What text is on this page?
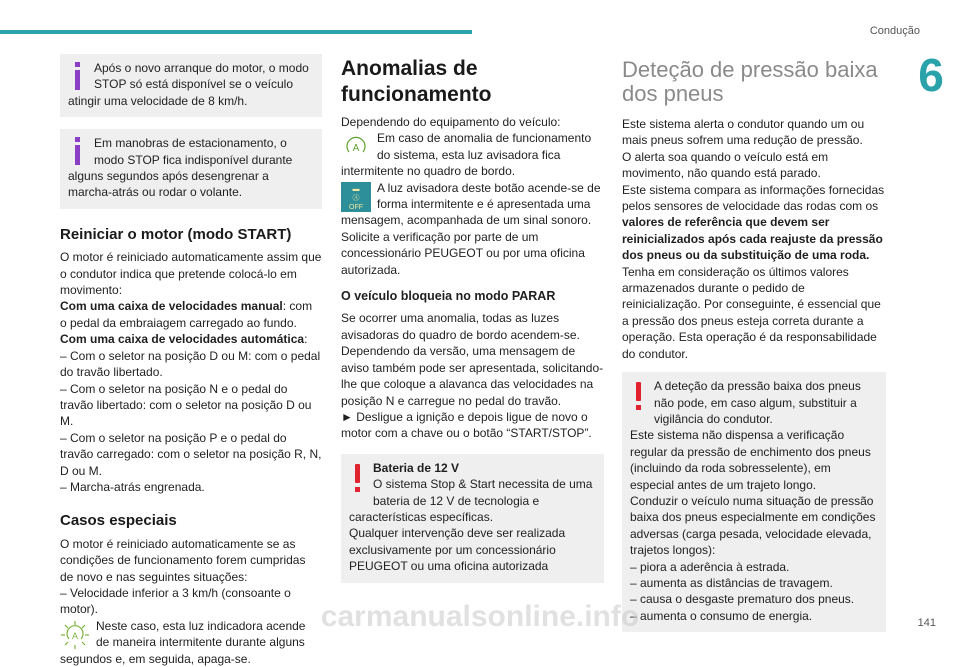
Condução
6
Após o novo arranque do motor, o modo STOP só está disponível se o veículo atingir uma velocidade de 8 km/h.
Em manobras de estacionamento, o modo STOP fica indisponível durante alguns segundos após desengrenar a marcha-atrás ou rodar o volante.
Reiniciar o motor (modo START)

O motor é reiniciado automaticamente assim que o condutor indica que pretende colocá-lo em movimento:

Com uma caixa de velocidades manual: com o pedal da embraiagem carregado ao fundo.

Com uma caixa de velocidades automática:

– Com o seletor na posição D ou M: com o pedal do travão libertado.

– Com o seletor na posição N e o pedal do travão libertado: com o seletor na posição D ou M.

– Com o seletor na posição P e o pedal do travão carregado: com o seletor na posição R, N, D ou M.

– Marcha-atrás engrenada.

Casos especiais

O motor é reiniciado automaticamente se as condições de funcionamento forem cumpridas de novo e nas seguintes situações:

– Velocidade inferior a 3 km/h (consoante o motor).

A

Neste caso, esta luz indicadora acende de maneira intermitente durante alguns segundos e, em seguida, apaga-se.

Anomalias de funcionamento

Dependendo do equipamento do veículo:

A

Em caso de anomalia de funcionamento do sistema, esta luz avisadora fica intermitente no quadro de bordo.

▬
Ⓐ
OFF

A luz avisadora deste botão acende-se de forma intermitente e é apresentada uma mensagem, acompanhada de um sinal sonoro.

Solicite a verificação por parte de um concessionário PEUGEOT ou por uma oficina autorizada.

O veículo bloqueia no modo PARAR

Se ocorrer uma anomalia, todas as luzes avisadoras do quadro de bordo acendem-se.

Dependendo da versão, uma mensagem de aviso também pode ser apresentada, solicitando-lhe que coloque a alavanca das velocidades na posição N e carregue no pedal do travão.

► Desligue a ignição e depois ligue de novo o motor com a chave ou o botão “START/STOP”.

Bateria de 12 V
O sistema Stop & Start necessita de uma bateria de 12 V de tecnologia e características específicas.
Qualquer intervenção deve ser realizada exclusivamente por um concessionário PEUGEOT ou uma oficina autorizada
Deteção de pressão baixa dos pneus

Este sistema alerta o condutor quando um ou mais pneus sofrem uma redução de pressão.

O alerta soa quando o veículo está em movimento, não quando está parado.

Este sistema compara as informações fornecidas pelos sensores de velocidade das rodas com os valores de referência que devem ser reinicializados após cada reajuste da pressão dos pneus ou da substituição de uma roda.

Tenha em consideração os últimos valores armazenados durante o pedido de reinicialização. Por conseguinte, é essencial que a pressão dos pneus esteja correta durante a operação. Esta operação é da responsabilidade do condutor.

A deteção da pressão baixa dos pneus não pode, em caso algum, substituir a vigilância do condutor.
Este sistema não dispensa a verificação regular da pressão de enchimento dos pneus (incluindo da roda sobresselente), em especial antes de um trajeto longo.
Conduzir o veículo numa situação de pressão baixa dos pneus especialmente em condições adversas (carga pesada, velocidade elevada, trajetos longos):
– piora a aderência à estrada.
– aumenta as distâncias de travagem.
– causa o desgaste prematuro dos pneus.
– aumenta o consumo de energia.
carmanualsonline.info	141
